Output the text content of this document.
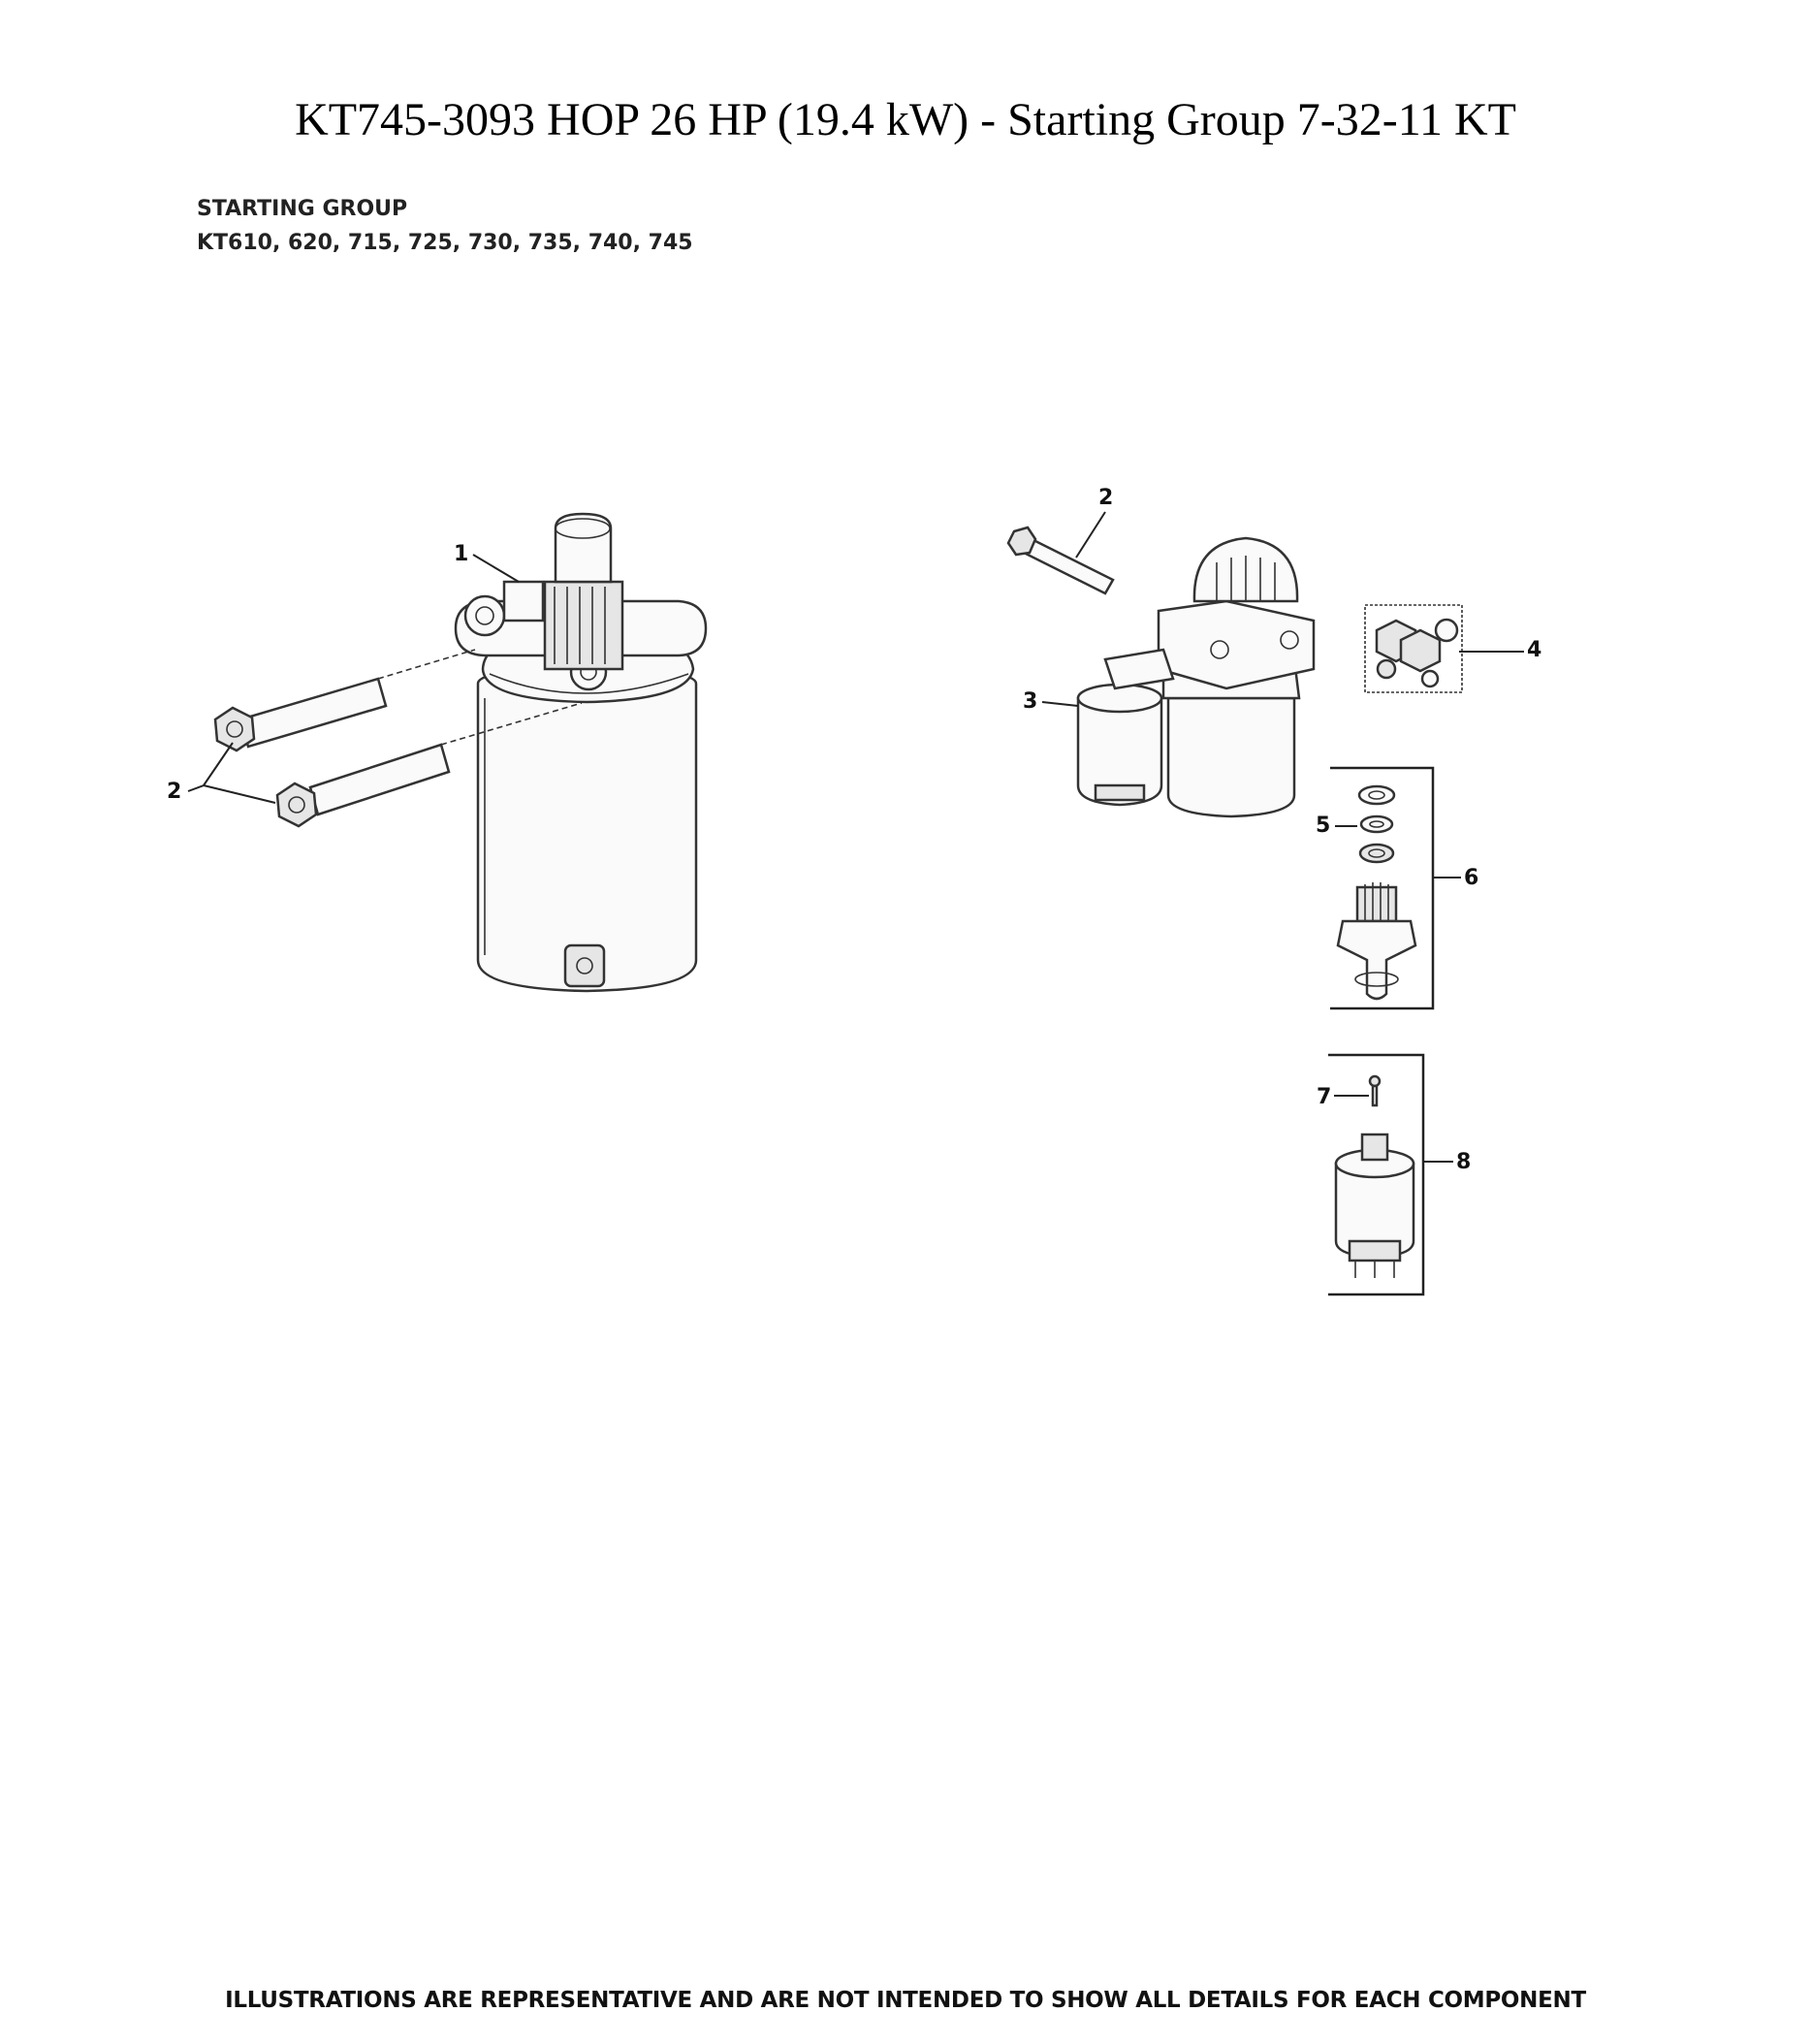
KT745-3093 HOP 26 HP (19.4 kW) - Starting Group 7-32-11 KT
STARTING GROUP
KT610, 620, 715, 725, 730, 735, 740, 745
1
2
2
3
4
5
6
7
8
ILLUSTRATIONS ARE REPRESENTATIVE AND ARE NOT INTENDED TO SHOW ALL DETAILS FOR EACH COMPONENT
